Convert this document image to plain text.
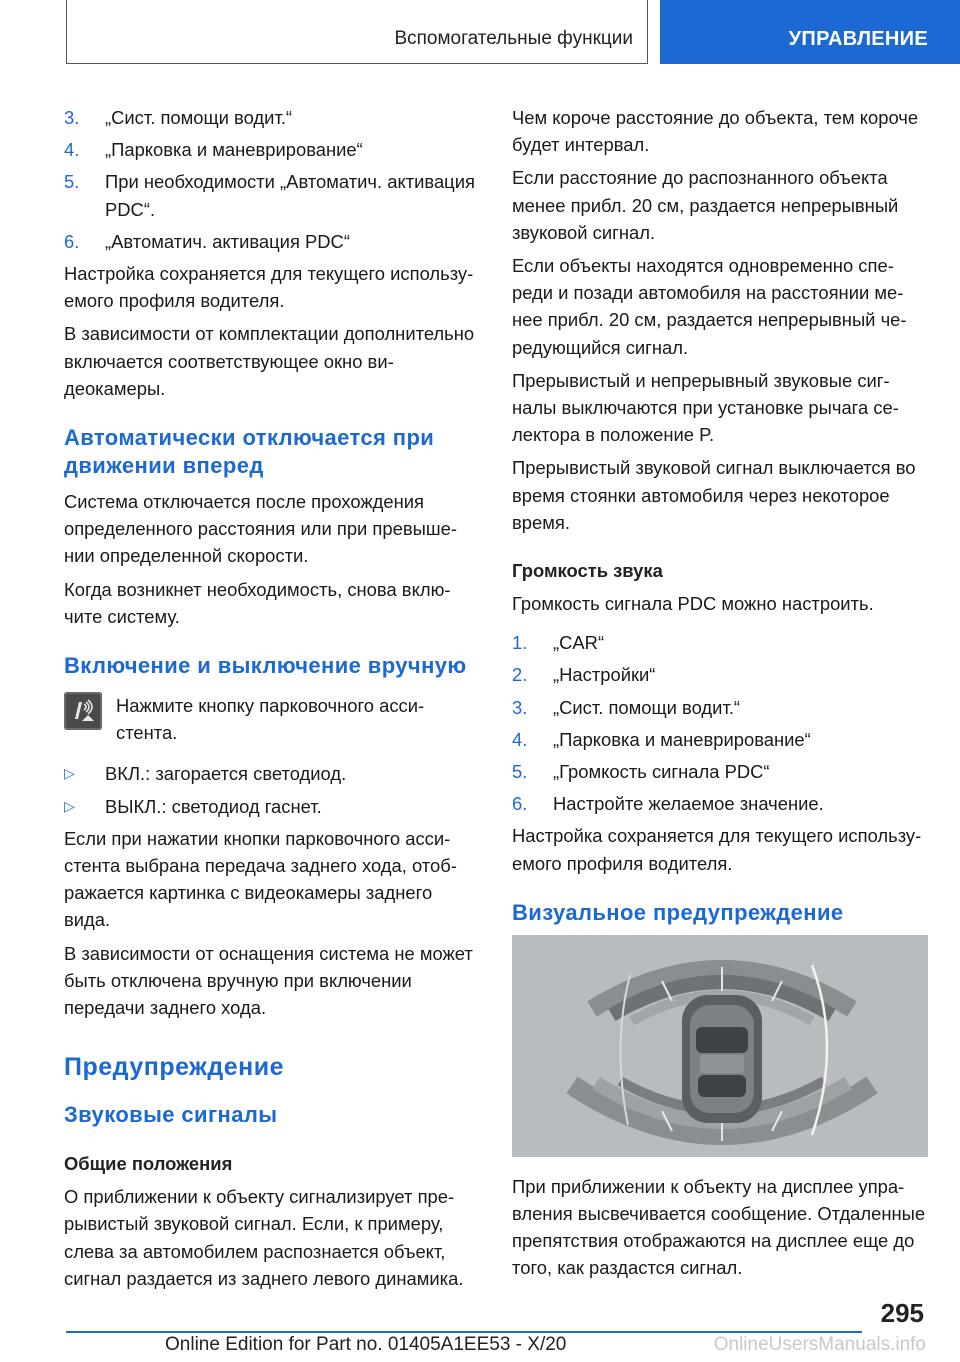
Вспомогательные функции	УПРАВЛЕНИЕ
3.	„Сист. помощи водит.“
4.	„Парковка и маневрирование“
5.	При необходимости „Автоматич. активация PDC“.
6.	„Автоматич. активация PDC“

Настройка сохраняется для текущего используемого профиля водителя.

В зависимости от комплектации дополнительно включается соответствующее окно видеокамеры.

Автоматически отключается при движении вперед

Система отключается после прохождения определенного расстояния или при превышении определенной скорости.

Когда возникнет необходимость, снова включите систему.

Включение и выключение вручную
Нажмите кнопку парковочного ассистента.
▷	ВКЛ.: загорается светодиод.
▷	ВЫКЛ.: светодиод гаснет.

Если при нажатии кнопки парковочного ассистента выбрана передача заднего хода, отображается картинка с видеокамеры заднего вида.

В зависимости от оснащения система не может быть отключена вручную при включении передачи заднего хода.

Предупреждение
Звуковые сигналы
Общие положения

О приближении к объекту сигнализирует прерывистый звуковой сигнал. Если, к примеру, слева за автомобилем распознается объект, сигнал раздается из заднего левого динамика.

Чем короче расстояние до объекта, тем короче будет интервал.

Если расстояние до распознанного объекта менее прибл. 20 см, раздается непрерывный звуковой сигнал.

Если объекты находятся одновременно спереди и позади автомобиля на расстоянии менее прибл. 20 см, раздается непрерывный чередующийся сигнал.

Прерывистый и непрерывный звуковые сигналы выключаются при установке рычага селектора в положение P.

Прерывистый звуковой сигнал выключается во время стоянки автомобиля через некоторое время.

Громкость звука

Громкость сигнала PDC можно настроить.

1.	„CAR“
2.	„Настройки“
3.	„Сист. помощи водит.“
4.	„Парковка и маневрирование“
5.	„Громкость сигнала PDC“
6.	Настройте желаемое значение.

Настройка сохраняется для текущего используемого профиля водителя.

Визуальное предупреждение

При приближении к объекту на дисплее управления высвечивается сообщение. Отдаленные препятствия отображаются на дисплее еще до того, как раздастся сигнал.

295
Online Edition for Part no. 01405A1EE53 - X/20	OnlineUsersManuals.info
